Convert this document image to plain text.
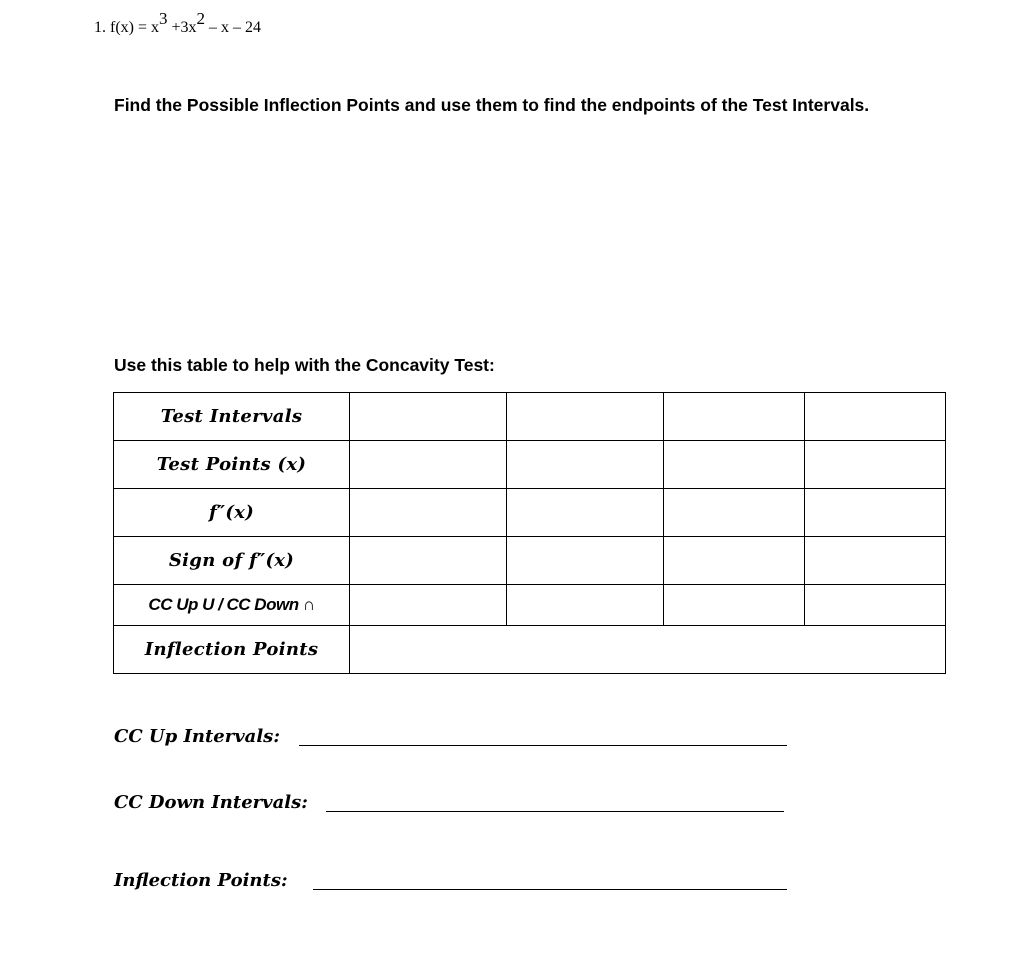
1. $f(x) = x^3 +3x^2 - x - 24$
Find the Possible Inflection Points and use them to find the endpoints of the Test Intervals.
Use this table to help with the Concavity Test:
Test Intervals				
Test Points (x)				
f″(x)				
Sign of f″(x)				
CC Up U / CC Down ∩				
Inflection Points				
CC Up Intervals:
CC Down Intervals:
Inflection Points:
